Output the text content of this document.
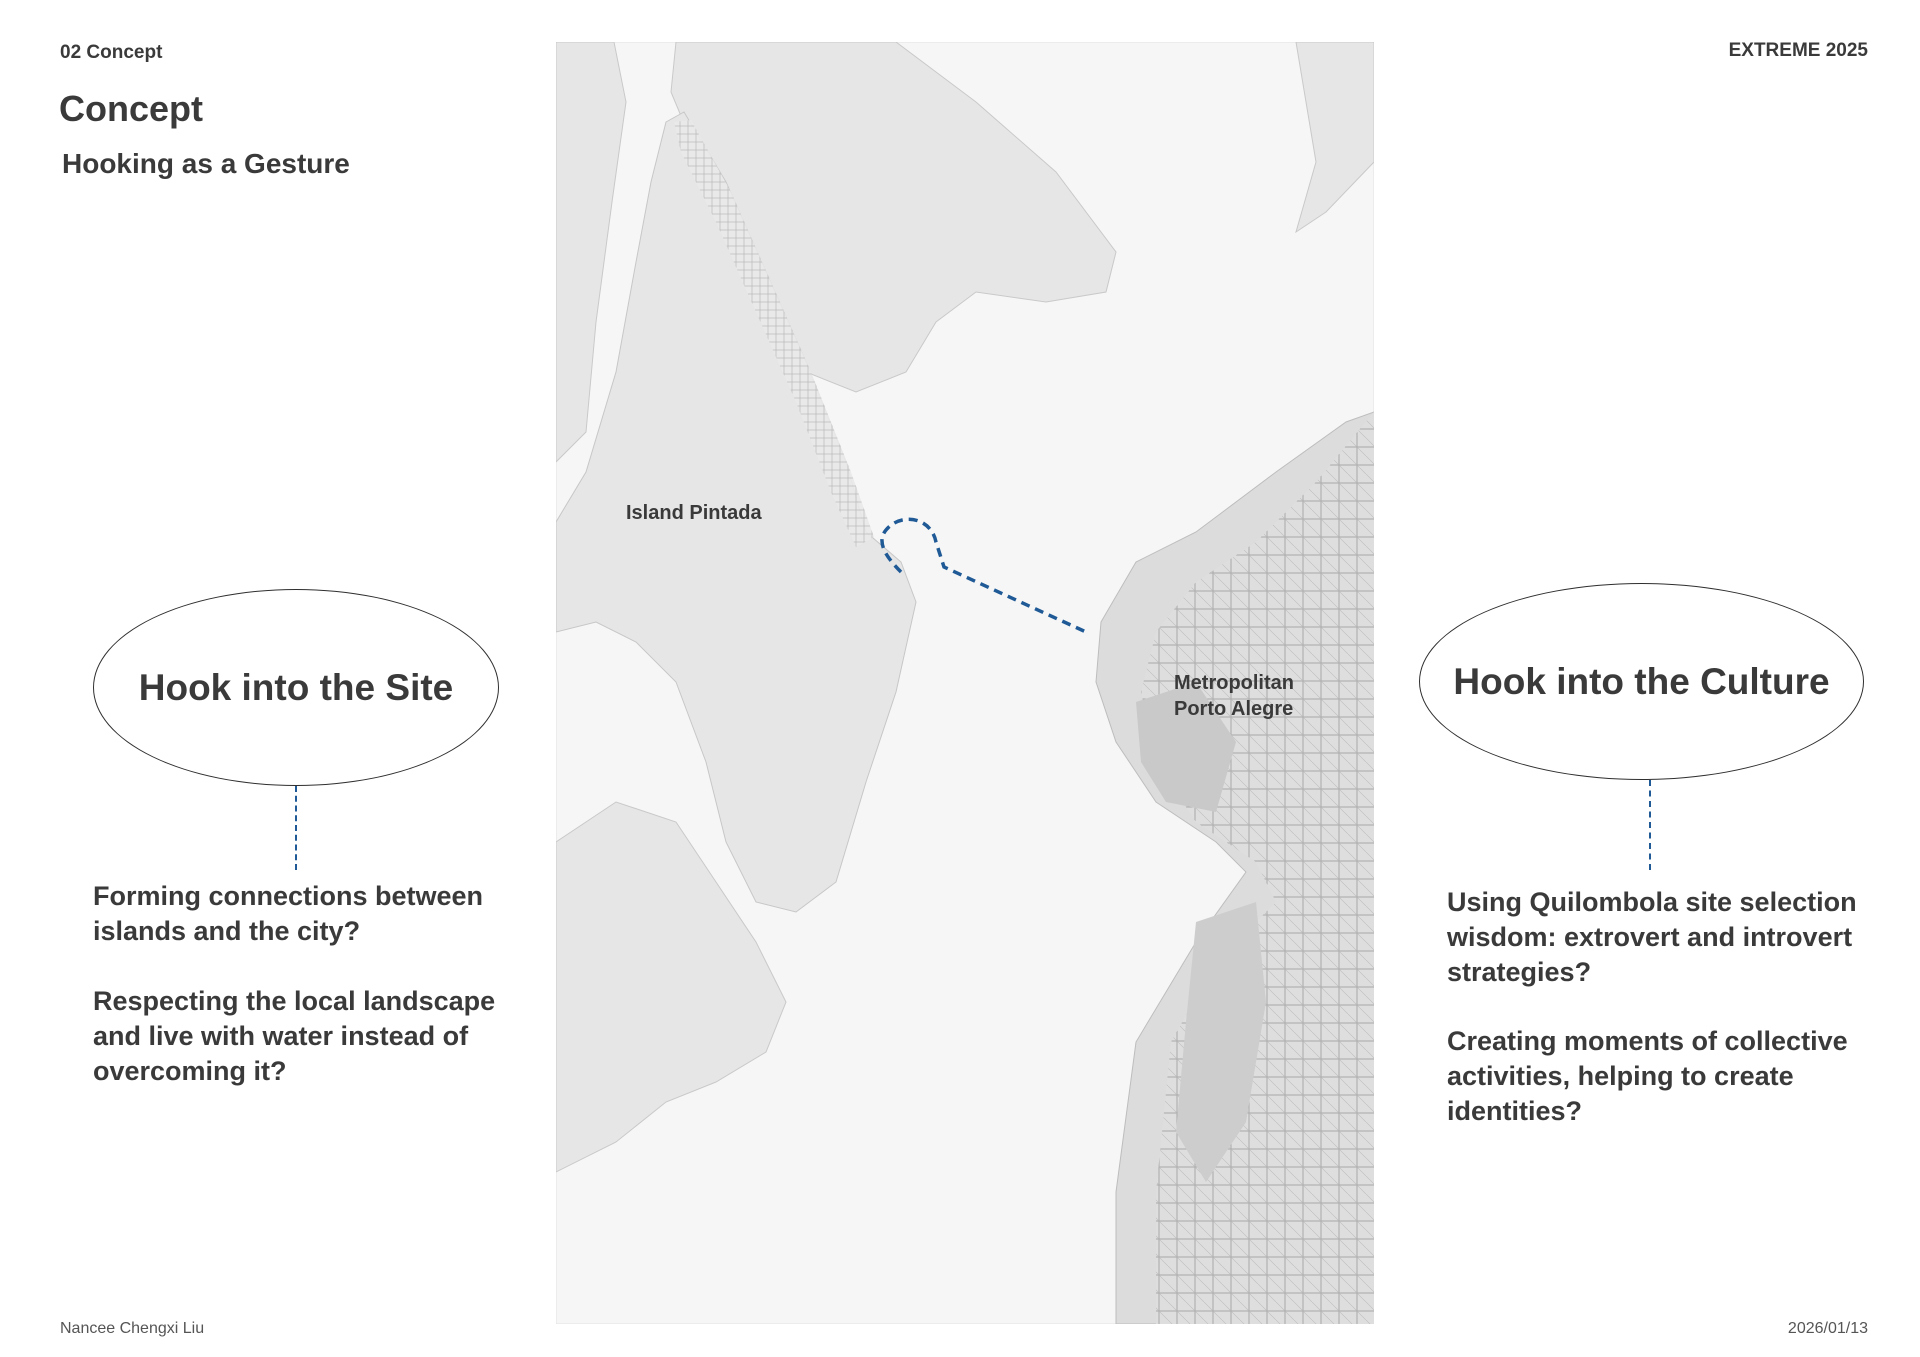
02 Concept	EXTREME 2025
Concept
Hooking as a Gesture
Island Pintada
Metropolitan
Porto Alegre
Hook into the Site
Forming connections between islands and the city?
Respecting the local landscape and live with water instead of overcoming it?
Hook into the Culture
Using Quilombola site selection wisdom: extrovert and introvert strategies?
Creating moments of collective activities, helping to create identities?
Nancee Chengxi Liu	2026/01/13
